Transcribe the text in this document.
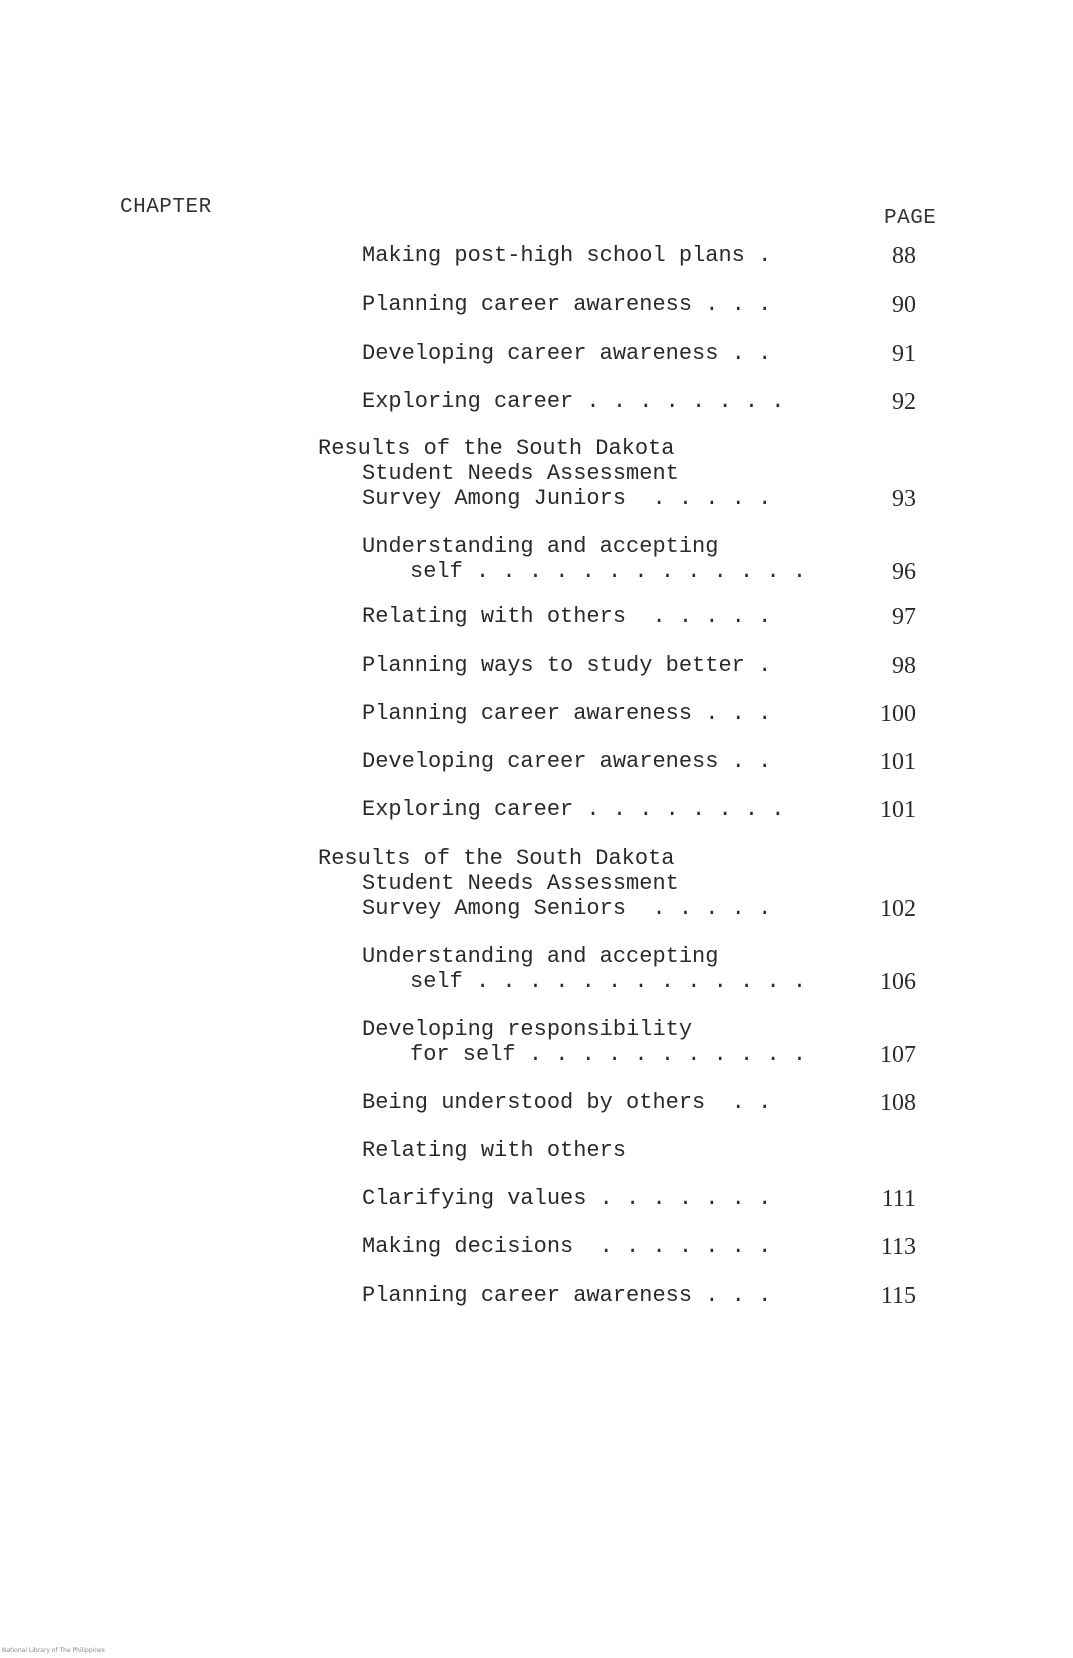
CHAPTER	PAGE
Making post-high school plans .	88
Planning career awareness . . .	90
Developing career awareness . .	91
Exploring career . . . . . . . .	92
Results of the South Dakota
Student Needs Assessment
Survey Among Juniors  . . . . .	93
Understanding and accepting
self . . . . . . . . . . . . .	96
Relating with others  . . . . .	97
Planning ways to study better .	98
Planning career awareness . . .	100
Developing career awareness . .	101
Exploring career . . . . . . . .	101
Results of the South Dakota
Student Needs Assessment
Survey Among Seniors  . . . . .	102
Understanding and accepting
self . . . . . . . . . . . . .	106
Developing responsibility
for self . . . . . . . . . . .	107
Being understood by others  . .	108
Relating with others
Clarifying values . . . . . . .	111
Making decisions  . . . . . . .	113
Planning career awareness . . .	115
National Library of The Philippines
